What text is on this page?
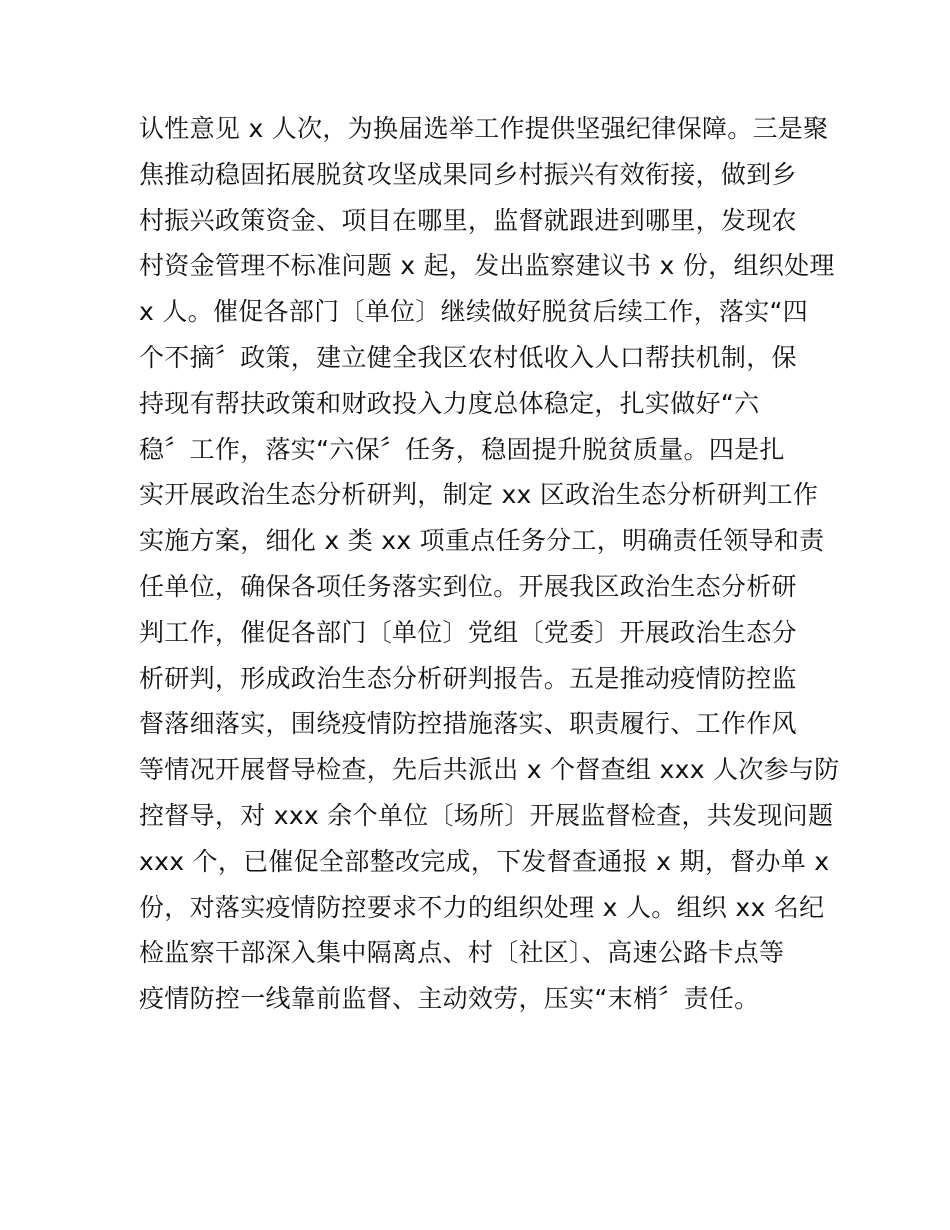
认性意见 x 人次，为换届选举工作提供坚强纪律保障。三是聚
焦推动稳固拓展脱贫攻坚成果同乡村振兴有效衔接，做到乡
村振兴政策资金、项目在哪里，监督就跟进到哪里，发现农
村资金管理不标准问题 x 起，发出监察建议书 x 份，组织处理
x 人。催促各部门〔单位〕继续做好脱贫后续工作，落实“四
个不摘〞政策，建立健全我区农村低收入人口帮扶机制，保
持现有帮扶政策和财政投入力度总体稳定，扎实做好“六
稳〞工作，落实“六保〞任务，稳固提升脱贫质量。四是扎
实开展政治生态分析研判，制定 xx 区政治生态分析研判工作
实施方案，细化 x 类 xx 项重点任务分工，明确责任领导和责
任单位，确保各项任务落实到位。开展我区政治生态分析研
判工作，催促各部门〔单位〕党组〔党委〕开展政治生态分
析研判，形成政治生态分析研判报告。五是推动疫情防控监
督落细落实，围绕疫情防控措施落实、职责履行、工作作风
等情况开展督导检查，先后共派出 x 个督查组 xxx 人次参与防
控督导，对 xxx 余个单位〔场所〕开展监督检查，共发现问题
xxx 个，已催促全部整改完成，下发督查通报 x 期，督办单 x
份，对落实疫情防控要求不力的组织处理 x 人。组织 xx 名纪
检监察干部深入集中隔离点、村〔社区〕、高速公路卡点等
疫情防控一线靠前监督、主动效劳，压实“末梢〞责任。
